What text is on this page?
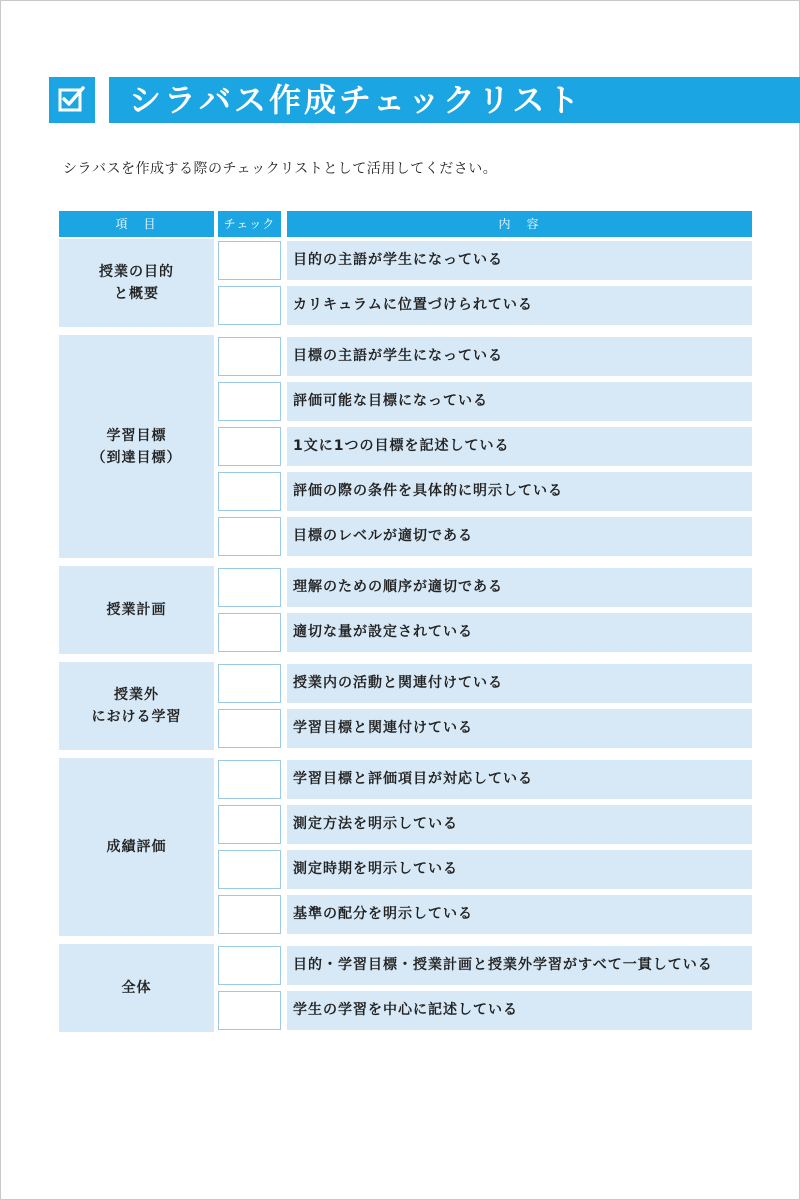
シラバス作成チェックリスト
シラバスを作成する際のチェックリストとして活用してください。
項　目	チェック	内　容
授業の目的
と概要
目的の主語が学生になっている
カリキュラムに位置づけられている
学習目標
（到達目標）
目標の主語が学生になっている
評価可能な目標になっている
1文に1つの目標を記述している
評価の際の条件を具体的に明示している
目標のレベルが適切である
授業計画
理解のための順序が適切である
適切な量が設定されている
授業外
における学習
授業内の活動と関連付けている
学習目標と関連付けている
成績評価
学習目標と評価項目が対応している
測定方法を明示している
測定時期を明示している
基準の配分を明示している
全体
目的・学習目標・授業計画と授業外学習がすべて一貫している
学生の学習を中心に記述している
